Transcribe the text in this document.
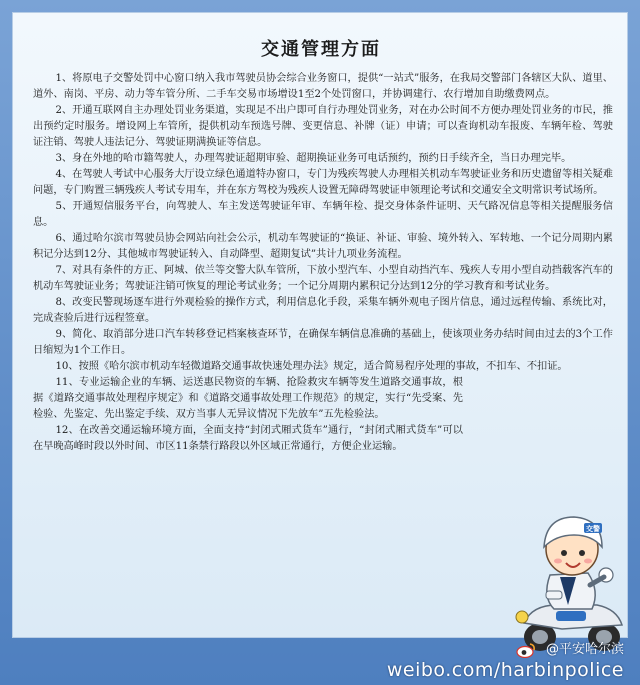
交通管理方面

1、将原电子交警处罚中心窗口纳入我市驾驶员协会综合业务窗口，提供“一站式”服务，在我局交警部门各辖区大队、道里、道外、南岗、平房、动力等车管分所、二手车交易市场增设1至2个处罚窗口，并协调建行、农行增加自助缴费网点。

2、开通互联网自主办理处罚业务渠道，实现足不出户即可自行办理处罚业务，对在办公时间不方便办理处罚业务的市民，推出预约定时服务。增设网上车管所，提供机动车预选号牌、变更信息、补牌（证）申请；可以查询机动车报废、车辆年检、驾驶证注销、驾驶人违法记分、驾驶证期满换证等信息。

3、身在外地的哈市籍驾驶人，办理驾驶证超期审验、超期换证业务可电话预约，预约日手续齐全，当日办理完毕。

4、在驾驶人考试中心服务大厅设立绿色通道特办窗口，专门为残疾驾驶人办理相关机动车驾驶证业务和历史遗留等相关疑难问题，专门购置三辆残疾人考试专用车，并在东方驾校为残疾人设置无障碍驾驶证申领理论考试和交通安全文明常识考试场所。

5、开通短信服务平台，向驾驶人、车主发送驾驶证年审、车辆年检、提交身体条件证明、天气路况信息等相关提醒服务信息。

6、通过哈尔滨市驾驶员协会网站向社会公示，机动车驾驶证的“换证、补证、审验、境外转入、军转地、一个记分周期内累积记分达到12分、其他城市驾驶证转入、自动降型、超期复试”共计九项业务流程。

7、对具有条件的方正、阿城、依兰等交警大队车管所，下放小型汽车、小型自动挡汽车、残疾人专用小型自动挡载客汽车的机动车驾驶证业务；驾驶证注销可恢复的理论考试业务；一个记分周期内累积记分达到12分的学习教育和考试业务。

8、改变民警现场逐车进行外观检验的操作方式，利用信息化手段，采集车辆外观电子图片信息，通过远程传输、系统比对，完成查验后进行远程签章。

9、简化、取消部分进口汽车转移登记档案核查环节，在确保车辆信息准确的基础上，使该项业务办结时间由过去的3个工作日缩短为1个工作日。

10、按照《哈尔滨市机动车轻微道路交通事故快速处理办法》规定，适合简易程序处理的事故，不扣车、不扣证。

11、专业运输企业的车辆、运送惠民物资的车辆、抢险救灾车辆等发生道路交通事故，根据《道路交通事故处理程序规定》和《道路交通事故处理工作规范》的规定，实行“先受案、先检验、先鉴定、先出鉴定手续、双方当事人无异议情况下先放车”五先检验法。

12、在改善交通运输环境方面，全面支持“封闭式厢式货车”通行，“封闭式厢式货车”可以在早晚高峰时段以外时间、市区11条禁行路段以外区域正常通行，方便企业运输。

交警
@平安哈尔滨
weibo.com/harbinpolice
